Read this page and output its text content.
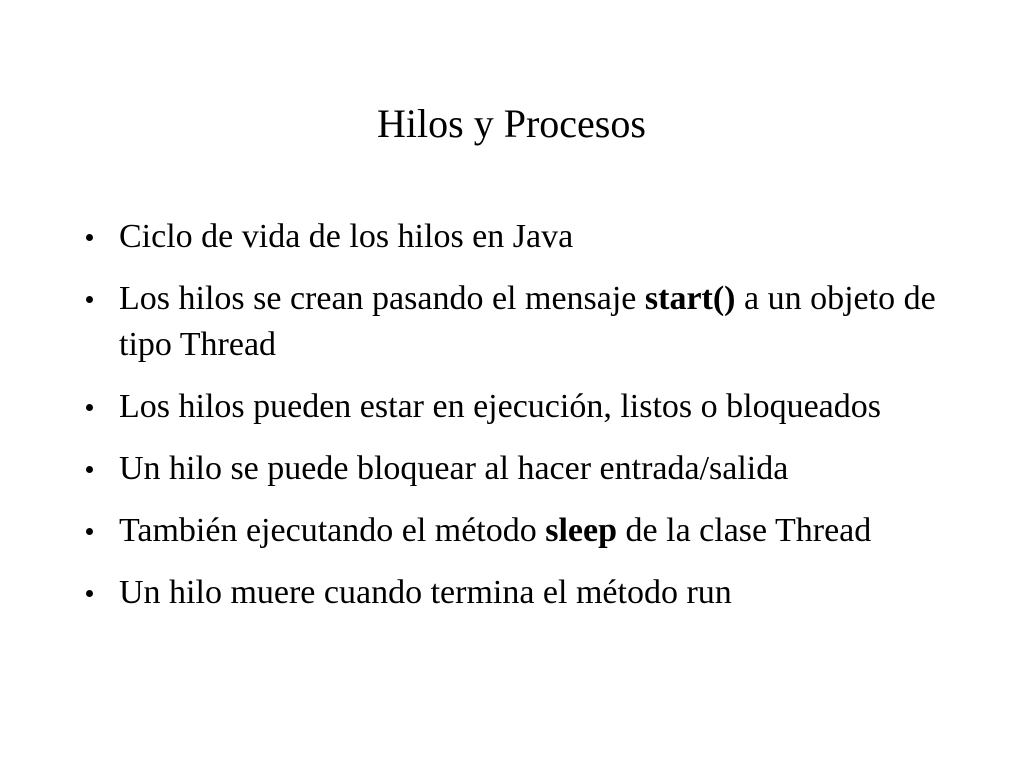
Hilos y Procesos
Ciclo de vida de los hilos en Java
Los hilos se crean pasando el mensaje start() a un objeto de tipo Thread
Los hilos pueden estar en ejecución, listos o bloqueados
Un hilo se puede bloquear al hacer entrada/salida
También ejecutando el método sleep de la clase Thread
Un hilo muere cuando termina el método run
